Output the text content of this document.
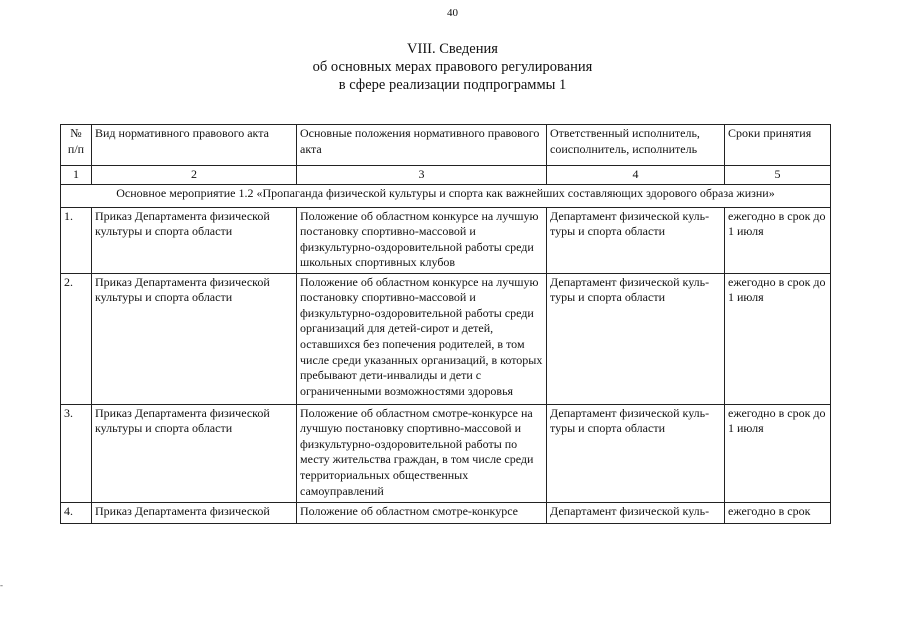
40
VIII. Сведения
об основных мерах правового регулирования
в сфере реализации подпрограммы 1
№ п/п	Вид нормативного правового акта	Основные положения нормативного правового акта	Ответственный исполнитель, соисполнитель, исполнитель	Сроки принятия
1	2	3	4	5
Основное мероприятие 1.2 «Пропаганда физической культуры и спорта как важнейших составляющих здорового образа жизни»				
1.	Приказ Департамента физической культуры и спорта области	Положение об областном конкурсе на лучшую постановку спортивно-массовой и физкультурно-оздоровительной работы среди школьных спортивных клубов	Департамент физической куль-туры и спорта области	ежегодно в срок до 1 июля
2.	Приказ Департамента физической культуры и спорта области	Положение об областном конкурсе на лучшую постановку спортивно-массовой и физкультурно-оздоровительной работы среди организаций для детей-сирот и детей, оставшихся без попечения родителей, в том числе среди указанных организаций, в которых пребывают дети-инвалиды и дети с ограниченными возможностями здоровья	Департамент физической куль-туры и спорта области	ежегодно в срок до 1 июля
3.	Приказ Департамента физической культуры и спорта области	Положение об областном смотре-конкурсе на лучшую постановку спортивно-массовой и физкультурно-оздоровительной работы по месту жительства граждан, в том числе среди территориальных общественных самоуправлений	Департамент физической куль-туры и спорта области	ежегодно в срок до 1 июля
4.	Приказ Департамента физической	Положение об областном смотре-конкурсе	Департамент физической куль-	ежегодно в срок
-
